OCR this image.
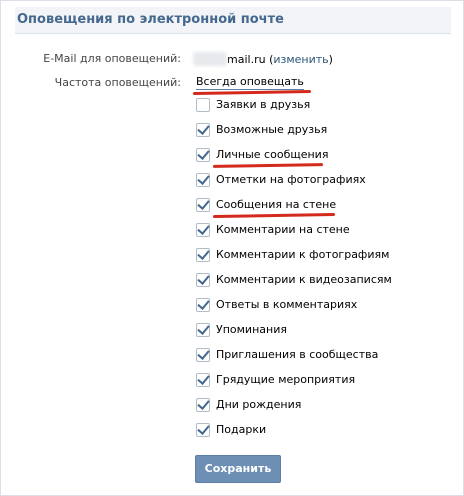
Оповещения по электронной почте
E-Mail для оповещений:	mail.ru (изменить)
Частота оповещений: Всегда оповещать
Заявки в друзья
Возможные друзья
Личные сообщения
Отметки на фотографиях
Сообщения на стене
Комментарии на стене
Комментарии к фотографиям
Комментарии к видеозаписям
Ответы в комментариях
Упоминания
Приглашения в сообщества
Грядущие мероприятия
Дни рождения
Подарки
Сохранить
